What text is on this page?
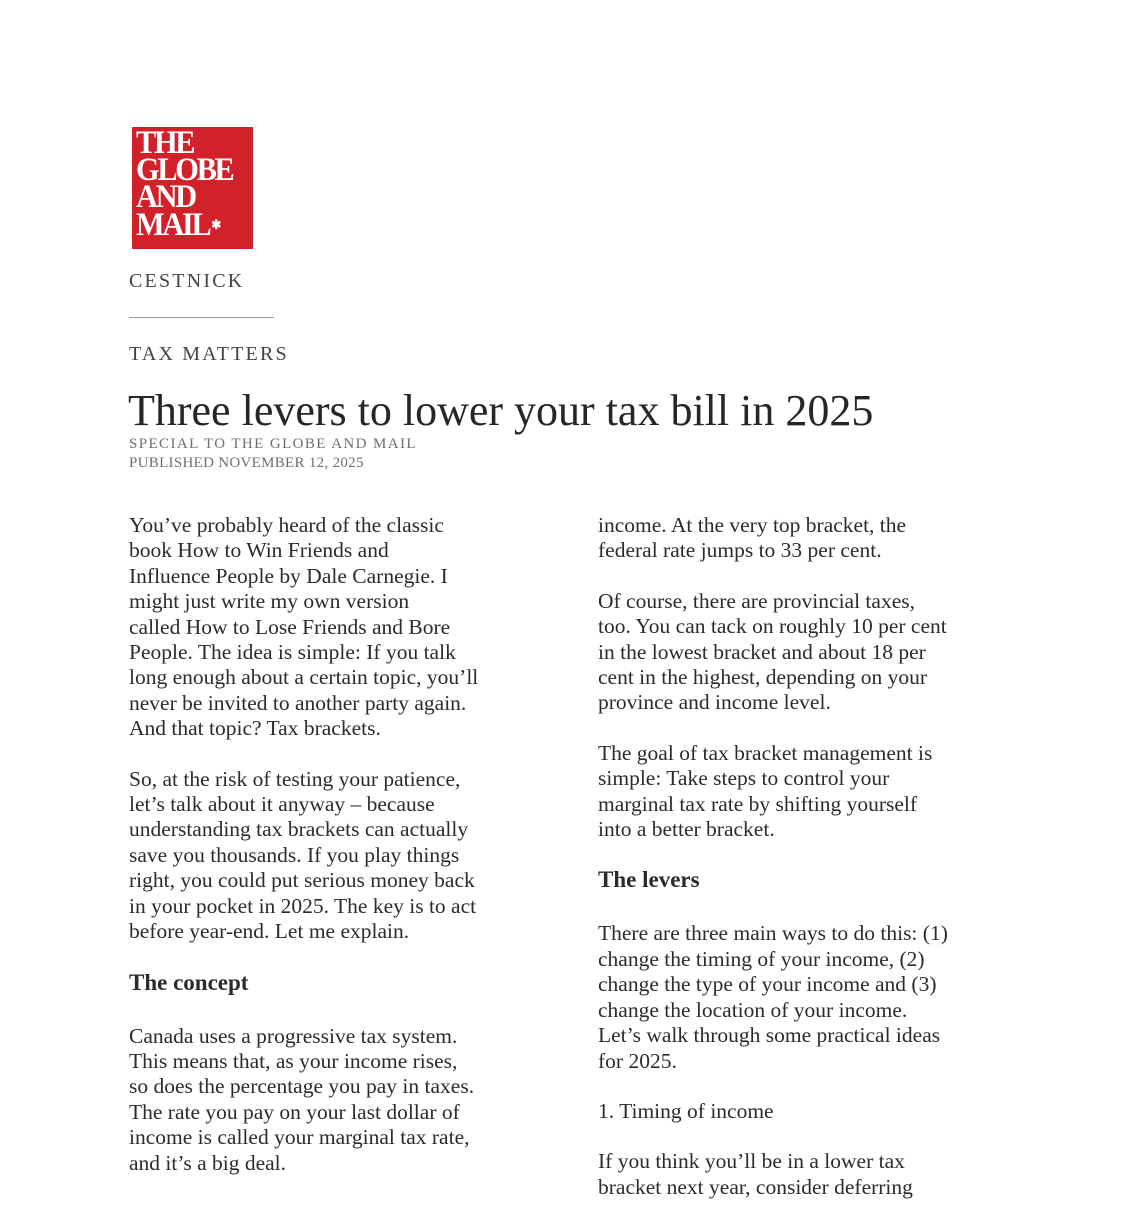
THE
GLOBE
AND
MAIL ✱
CESTNICK
TAX MATTERS
Three levers to lower your tax bill in 2025
SPECIAL TO THE GLOBE AND MAIL
PUBLISHED NOVEMBER 12, 2025

You’ve probably heard of the classic
book How to Win Friends and
Influence People by Dale Carnegie. I
might just write my own version
called How to Lose Friends and Bore
People. The idea is simple: If you talk
long enough about a certain topic, you’ll
never be invited to another party again.
And that topic? Tax brackets.

So, at the risk of testing your patience,
let’s talk about it anyway – because
understanding tax brackets can actually
save you thousands. If you play things
right, you could put serious money back
in your pocket in 2025. The key is to act
before year-end. Let me explain.

The concept

Canada uses a progressive tax system.
This means that, as your income rises,
so does the percentage you pay in taxes.
The rate you pay on your last dollar of
income is called your marginal tax rate,
and it’s a big deal.

income. At the very top bracket, the
federal rate jumps to 33 per cent.

Of course, there are provincial taxes,
too. You can tack on roughly 10 per cent
in the lowest bracket and about 18 per
cent in the highest, depending on your
province and income level.

The goal of tax bracket management is
simple: Take steps to control your
marginal tax rate by shifting yourself
into a better bracket.

The levers

There are three main ways to do this: (1)
change the timing of your income, (2)
change the type of your income and (3)
change the location of your income.
Let’s walk through some practical ideas
for 2025.

1. Timing of income

If you think you’ll be in a lower tax
bracket next year, consider deferring
